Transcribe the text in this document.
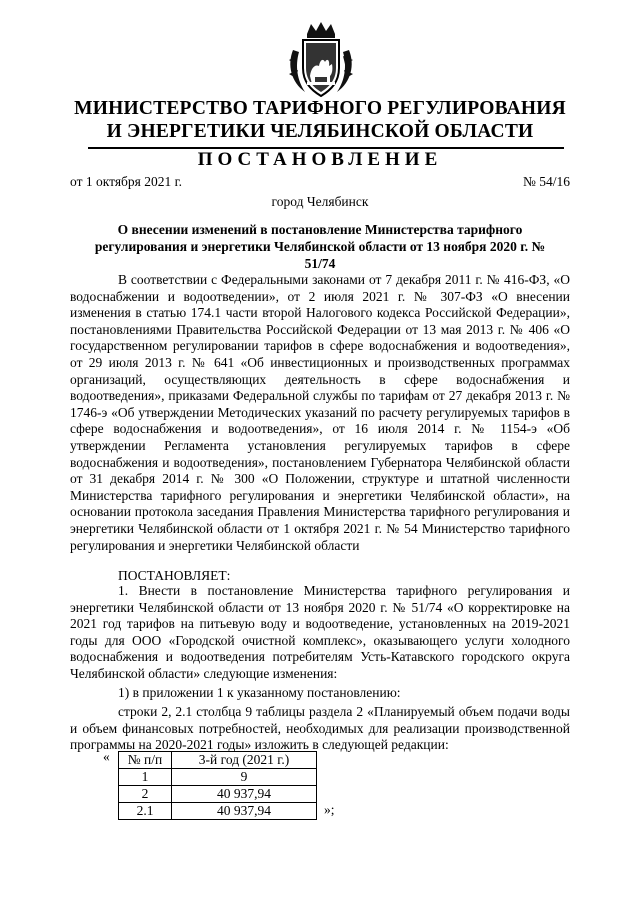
МИНИСТЕРСТВО ТАРИФНОГО РЕГУЛИРОВАНИЯ
И ЭНЕРГЕТИКИ ЧЕЛЯБИНСКОЙ ОБЛАСТИ
ПОСТАНОВЛЕНИЕ
от 1 октября 2021 г.	№ 54/16
город Челябинск
О внесении изменений в постановление Министерства тарифного регулирования и энергетики Челябинской области от 13 ноября 2020 г. № 51/74
В соответствии с Федеральными законами от 7 декабря 2011 г. № 416-ФЗ, «О водоснабжении и водоотведении», от 2 июля 2021 г. № 307-ФЗ «О внесении изменения в статью 174.1 части второй Налогового кодекса Российской Федерации», постановлениями Правительства Российской Федерации от 13 мая 2013 г. № 406 «О государственном регулировании тарифов в сфере водоснабжения и водоотведения», от 29 июля 2013 г. № 641 «Об инвестиционных и производственных программах организаций, осуществляющих деятельность в сфере водоснабжения и водоотведения», приказами Федеральной службы по тарифам от 27 декабря 2013 г. № 1746-э «Об утверждении Методических указаний по расчету регулируемых тарифов в сфере водоснабжения и водоотведения», от 16 июля 2014 г. № 1154-э «Об утверждении Регламента установления регулируемых тарифов в сфере водоснабжения и водоотведения», постановлением Губернатора Челябинской области от 31 декабря 2014 г. № 300 «О Положении, структуре и штатной численности Министерства тарифного регулирования и энергетики Челябинской области», на основании протокола заседания Правления Министерства тарифного регулирования и энергетики Челябинской области от 1 октября 2021 г. № 54 Министерство тарифного регулирования и энергетики Челябинской области
ПОСТАНОВЛЯЕТ:
1. Внести в постановление Министерства тарифного регулирования и энергетики Челябинской области от 13 ноября 2020 г. № 51/74 «О корректировке на 2021 год тарифов на питьевую воду и водоотведение, установленных на 2019-2021 годы для ООО «Городской очистной комплекс», оказывающего услуги холодного водоснабжения и водоотведения потребителям Усть-Катавского городского округа Челябинской области» следующие изменения:
1) в приложении 1 к указанному постановлению:
строки 2, 2.1 столбца 9 таблицы раздела 2 «Планируемый объем подачи воды и объем финансовых потребностей, необходимых для реализации производственной программы на 2020-2021 годы» изложить в следующей редакции:
« № п/п	3-й год (2021 г.)
1	9
2	40 937,94
2.1	40 937,94	»;
